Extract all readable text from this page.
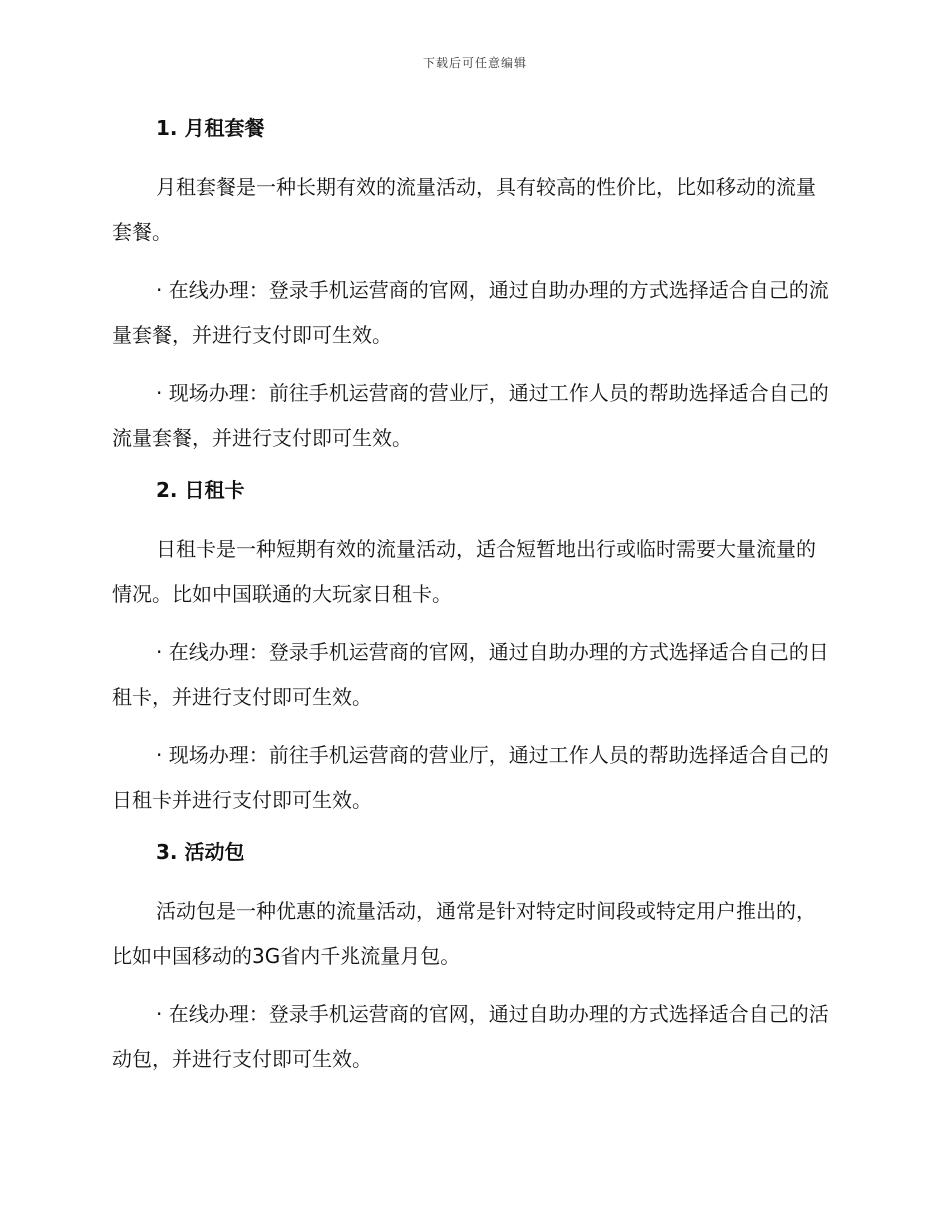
下载后可任意编辑
1. 月租套餐

月租套餐是一种长期有效的流量活动，具有较高的性价比，比如移动的流量套餐。

· 在线办理：登录手机运营商的官网，通过自助办理的方式选择适合自己的流量套餐，并进行支付即可生效。

· 现场办理：前往手机运营商的营业厅，通过工作人员的帮助选择适合自己的流量套餐，并进行支付即可生效。

2. 日租卡

日租卡是一种短期有效的流量活动，适合短暂地出行或临时需要大量流量的情况。比如中国联通的大玩家日租卡。

· 在线办理：登录手机运营商的官网，通过自助办理的方式选择适合自己的日租卡，并进行支付即可生效。

· 现场办理：前往手机运营商的营业厅，通过工作人员的帮助选择适合自己的日租卡并进行支付即可生效。

3. 活动包

活动包是一种优惠的流量活动，通常是针对特定时间段或特定用户推出的，比如中国移动的3G省内千兆流量月包。

· 在线办理：登录手机运营商的官网，通过自助办理的方式选择适合自己的活动包，并进行支付即可生效。
